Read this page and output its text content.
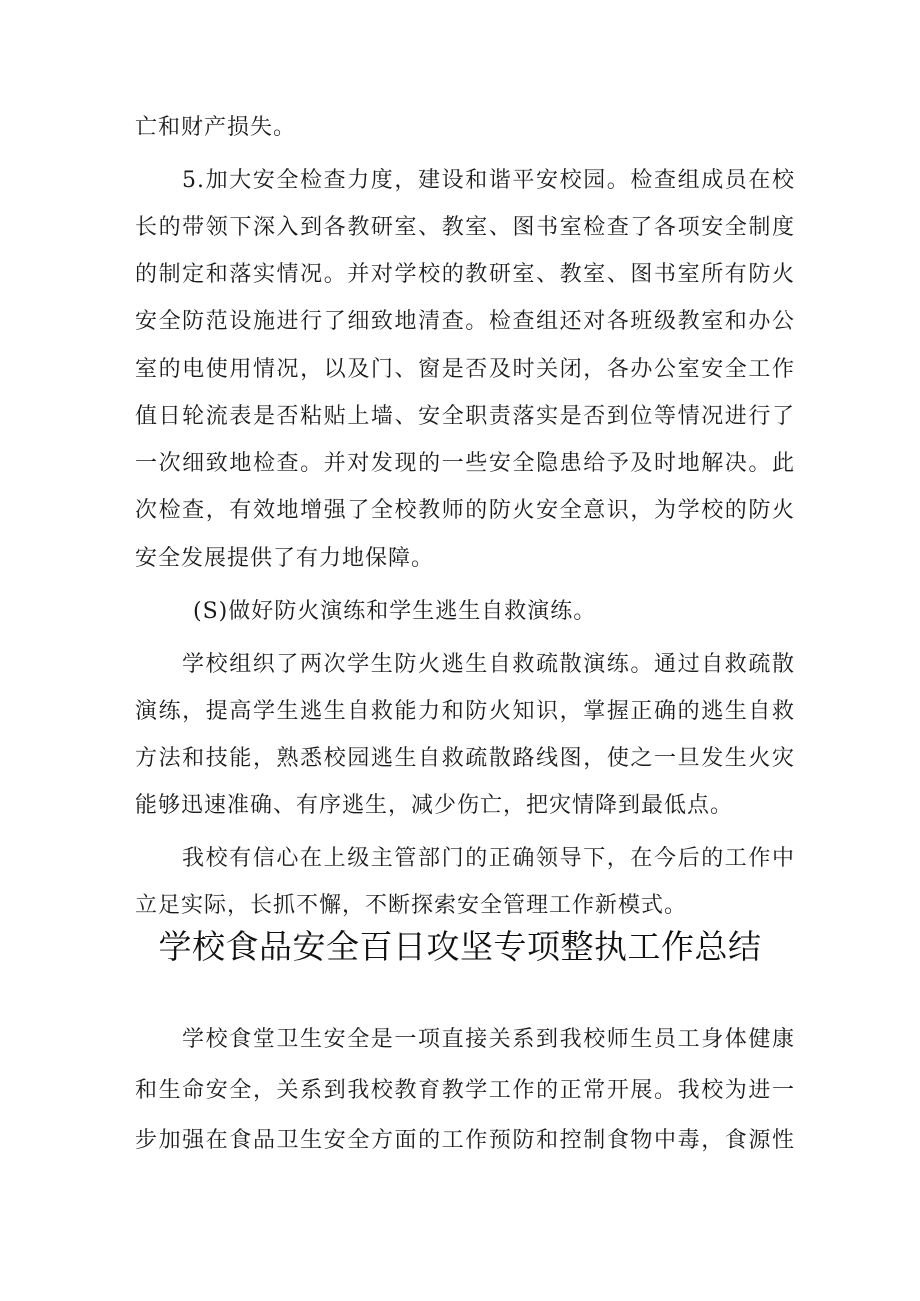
亡和财产损失。
5.加大安全检查力度，建设和谐平安校园。检查组成员在校
长的带领下深入到各教研室、教室、图书室检查了各项安全制度
的制定和落实情况。并对学校的教研室、教室、图书室所有防火
安全防范设施进行了细致地清查。检查组还对各班级教室和办公
室的电使用情况，以及门、窗是否及时关闭，各办公室安全工作
值日轮流表是否粘贴上墙、安全职责落实是否到位等情况进行了
一次细致地检查。并对发现的一些安全隐患给予及时地解决。此
次检查，有效地增强了全校教师的防火安全意识，为学校的防火
安全发展提供了有力地保障。
(S)做好防火演练和学生逃生自救演练。
学校组织了两次学生防火逃生自救疏散演练。通过自救疏散
演练，提高学生逃生自救能力和防火知识，掌握正确的逃生自救
方法和技能，熟悉校园逃生自救疏散路线图，使之一旦发生火灾
能够迅速准确、有序逃生，减少伤亡，把灾情降到最低点。
我校有信心在上级主管部门的正确领导下，在今后的工作中
立足实际，长抓不懈，不断探索安全管理工作新模式。
学校食品安全百日攻坚专项整执工作总结
学校食堂卫生安全是一项直接关系到我校师生员工身体健康
和生命安全，关系到我校教育教学工作的正常开展。我校为进一
步加强在食品卫生安全方面的工作预防和控制食物中毒，食源性
